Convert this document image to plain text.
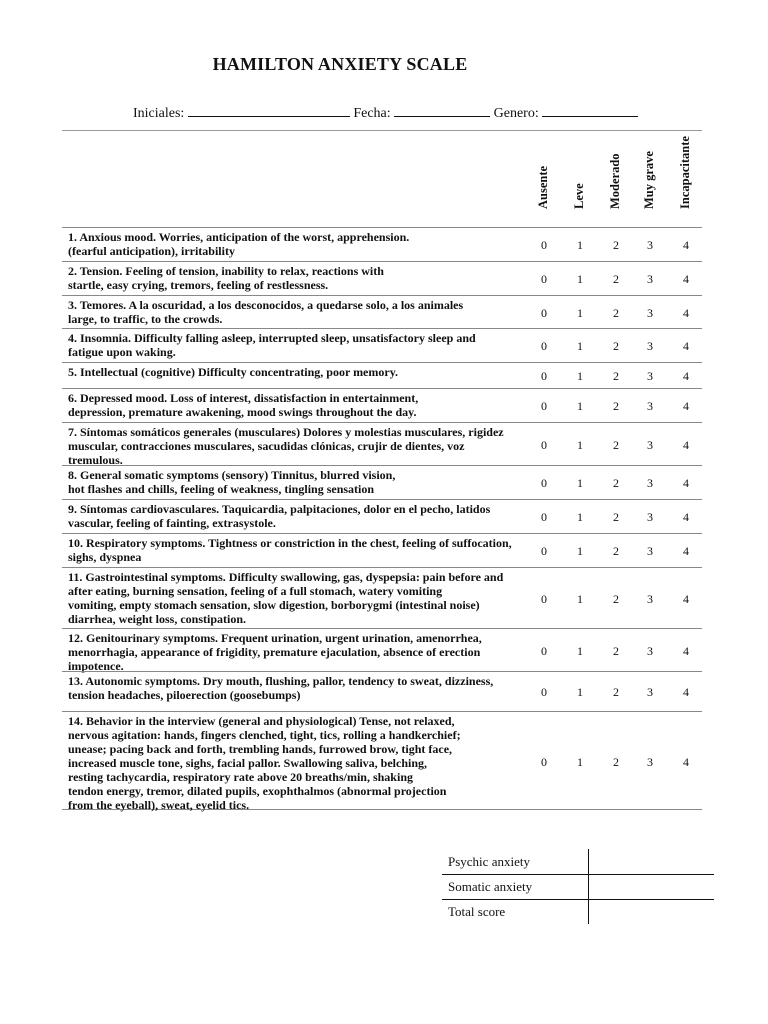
HAMILTON ANXIETY SCALE
Iniciales:	Fecha:	Genero:
Ausente Leve Moderado Muy grave Incapacitante
1. Anxious mood. Worries, anticipation of the worst, apprehension.
(fearful anticipation), irritability	0	1	2	3	4
2. Tension. Feeling of tension, inability to relax, reactions with
startle, easy crying, tremors, feeling of restlessness.	0	1	2	3	4
3. Temores. A la oscuridad, a los desconocidos, a quedarse solo, a los animales
large, to traffic, to the crowds.	0	1	2	3	4
4. Insomnia. Difficulty falling asleep, interrupted sleep, unsatisfactory sleep and
fatigue upon waking.	0	1	2	3	4
5. Intellectual (cognitive) Difficulty concentrating, poor memory.	0	1	2	3	4
6. Depressed mood. Loss of interest, dissatisfaction in entertainment,
depression, premature awakening, mood swings throughout the day.	0	1	2	3	4
7. Síntomas somáticos generales (musculares) Dolores y molestias musculares, rigidez
muscular, contracciones musculares, sacudidas clónicas, crujir de dientes, voz
tremulous.
0	1	2	3	4
8. General somatic symptoms (sensory) Tinnitus, blurred vision,
hot flashes and chills, feeling of weakness, tingling sensation	0	1	2	3	4
9. Síntomas cardiovasculares. Taquicardia, palpitaciones, dolor en el pecho, latidos
vascular, feeling of fainting, extrasystole.	0	1	2	3	4
10. Respiratory symptoms. Tightness or constriction in the chest, feeling of suffocation,
sighs, dyspnea	0	1	2	3	4
11. Gastrointestinal symptoms. Difficulty swallowing, gas, dyspepsia: pain before and
after eating, burning sensation, feeling of a full stomach, watery vomiting
vomiting, empty stomach sensation, slow digestion, borborygmi (intestinal noise)
diarrhea, weight loss, constipation.
0	1	2	3	4
12. Genitourinary symptoms. Frequent urination, urgent urination, amenorrhea,
menorrhagia, appearance of frigidity, premature ejaculation, absence of erection
impotence.
0	1	2	3	4
13. Autonomic symptoms. Dry mouth, flushing, pallor, tendency to sweat, dizziness,
tension headaches, piloerection (goosebumps)	0	1	2	3	4
14. Behavior in the interview (general and physiological) Tense, not relaxed,
nervous agitation: hands, fingers clenched, tight, tics, rolling a handkerchief;
unease; pacing back and forth, trembling hands, furrowed brow, tight face,
increased muscle tone, sighs, facial pallor. Swallowing saliva, belching,
resting tachycardia, respiratory rate above 20 breaths/min, shaking
tendon energy, tremor, dilated pupils, exophthalmos (abnormal projection
from the eyeball), sweat, eyelid tics.
0	1	2	3	4
Psychic anxiety
Somatic anxiety
Total score
